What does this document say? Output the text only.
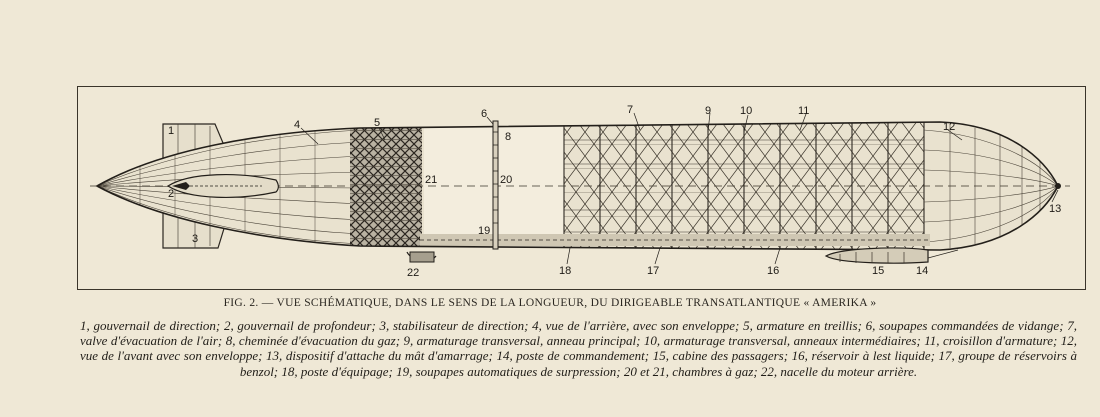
1
2
3
4	5
6	7
8
9	10	11
12
13
14
15
16
17
18
19
20
21
22
FIG. 2. — VUE SCHÉMATIQUE, DANS LE SENS DE LA LONGUEUR, DU DIRIGEABLE TRANSATLANTIQUE « AMERIKA »
1, gouvernail de direction; 2, gouvernail de profondeur; 3, stabilisateur de direction; 4, vue de l'arrière, avec son enveloppe; 5, armature en treillis; 6, soupapes commandées de vidange; 7, valve d'évacuation de l'air; 8, cheminée d'évacuation du gaz; 9, armaturage transversal, anneau principal; 10, armaturage transversal, anneaux intermédiaires; 11, croisillon d'armature; 12, vue de l'avant avec son enveloppe; 13, dispositif d'attache du mât d'amarrage; 14, poste de commandement; 15, cabine des passagers; 16, réservoir à lest liquide; 17, groupe de réservoirs à benzol; 18, poste d'équipage; 19, soupapes automatiques de surpression; 20 et 21, chambres à gaz; 22, nacelle du moteur arrière.
